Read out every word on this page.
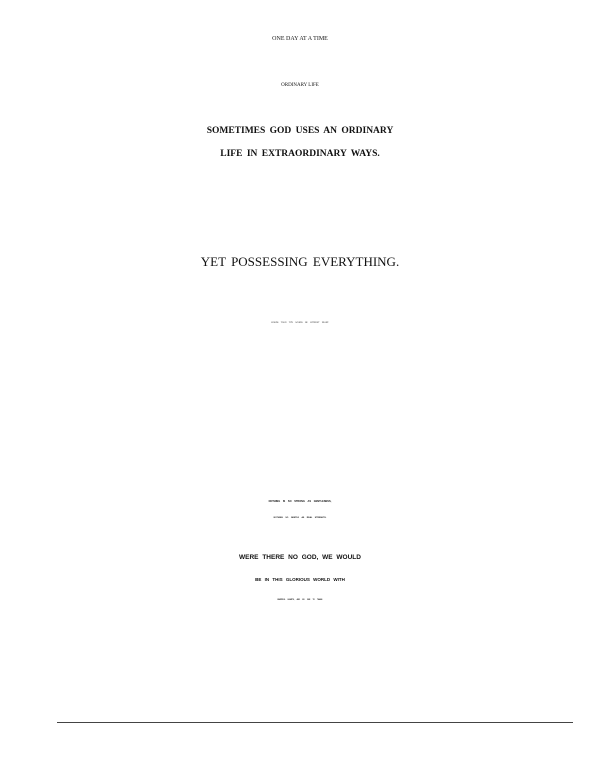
ONE DAY AT A TIME
ORDINARY LIFE
SOMETIMES GOD USES AN ORDINARY
LIFE IN EXTRAORDINARY WAYS.
YET POSSESSING EVERYTHING.
WORDS THAN THY WORDS BE WITHOUT HEART.
NOTHING IS SO STRONG AS GENTLENESS,
NOTHING SO GENTLE AS REAL STRENGTH.
WERE THERE NO GOD, WE WOULD
BE IN THIS GLORIOUS WORLD WITH
GRATEFUL HEARTS, AND NO ONE TO THANK.
